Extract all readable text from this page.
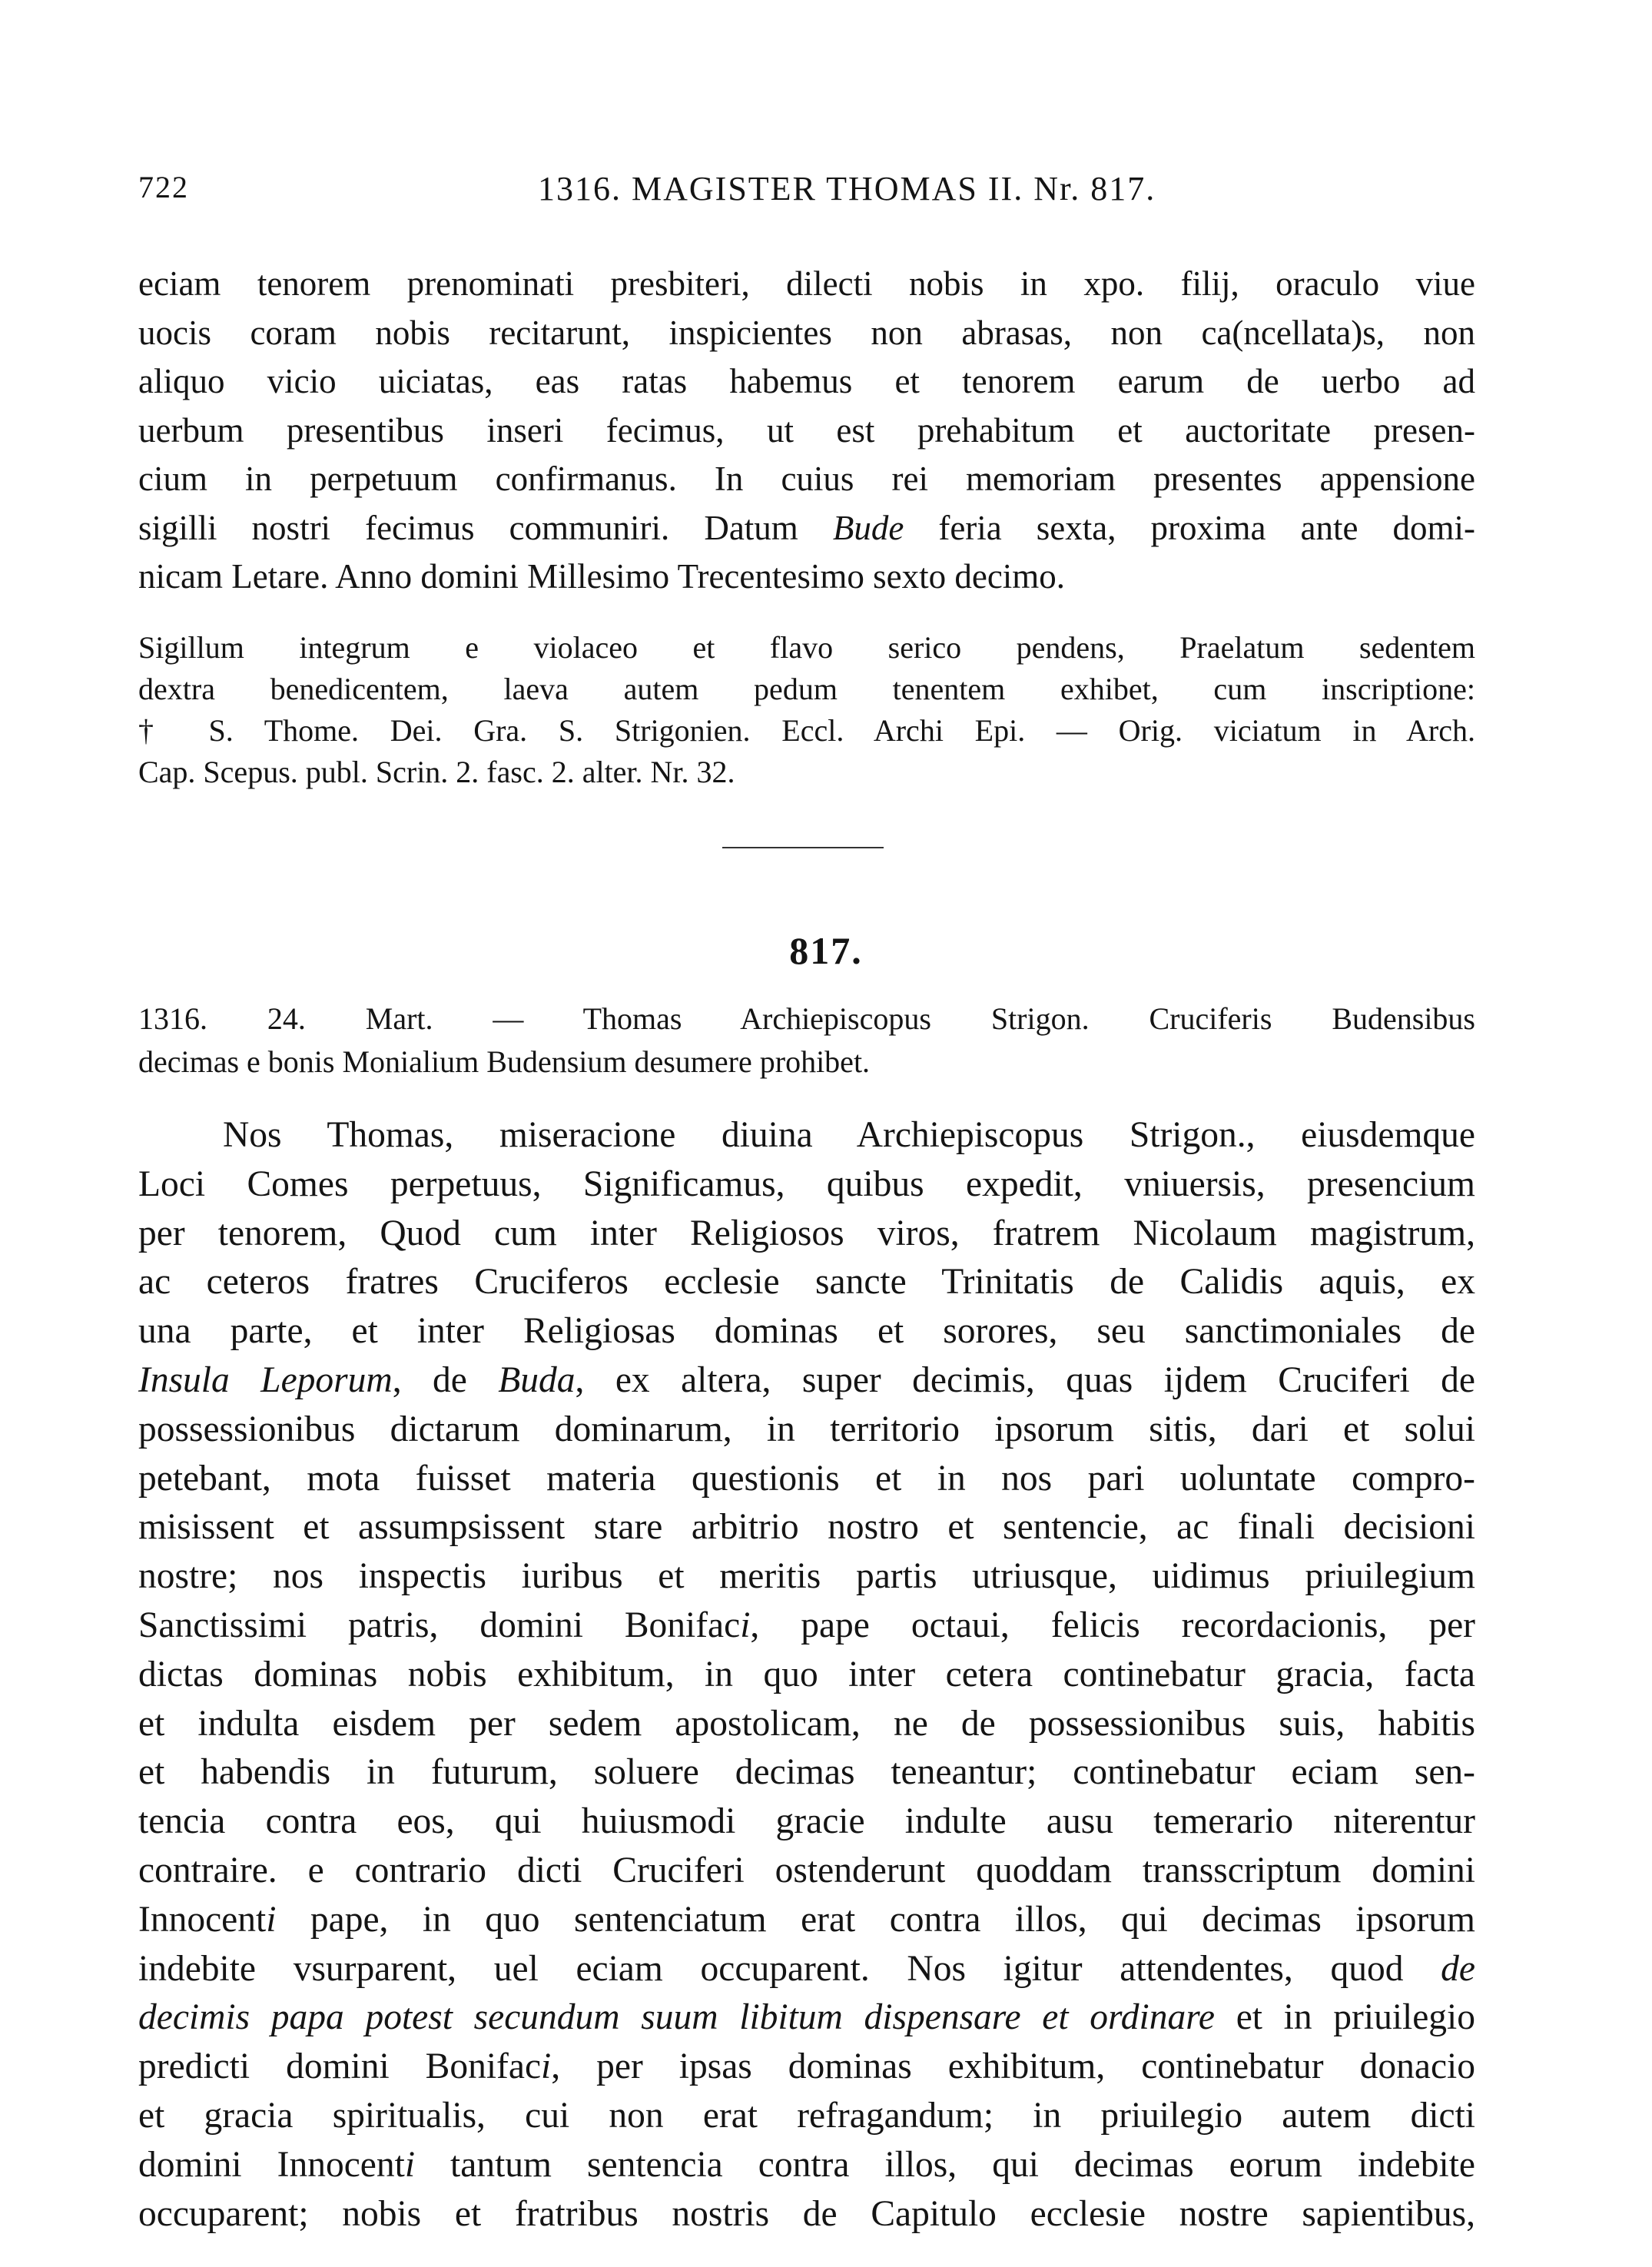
722	1316. MAGISTER THOMAS II. Nr. 817.
eciam tenorem prenominati presbiteri, dilecti nobis in xpo. filij, oraculo viue
uocis coram nobis recitarunt, inspicientes non abrasas, non ca(ncellata)s, non
aliquo vicio uiciatas, eas ratas habemus et tenorem earum de uerbo ad
uerbum presentibus inseri fecimus, ut est prehabitum et auctoritate presen-
cium in perpetuum confirmanus. In cuius rei memoriam presentes appensione
sigilli nostri fecimus communiri. Datum Bude feria sexta, proxima ante domi-
nicam Letare. Anno domini Millesimo Trecentesimo sexto decimo.
Sigillum integrum e violaceo et flavo serico pendens, Praelatum sedentem
dextra benedicentem, laeva autem pedum tenentem exhibet, cum inscriptione:
† S. Thome. Dei. Gra. S. Strigonien. Eccl. Archi Epi. — Orig. viciatum in Arch.
Cap. Scepus. publ. Scrin. 2. fasc. 2. alter. Nr. 32.
817.
1316. 24. Mart. — Thomas Archiepiscopus Strigon. Cruciferis Budensibus
decimas e bonis Monialium Budensium desumere prohibet.
Nos Thomas, miseracione diuina Archiepiscopus Strigon., eiusdemque
Loci Comes perpetuus, Significamus, quibus expedit, vniuersis, presencium
per tenorem, Quod cum inter Religiosos viros, fratrem Nicolaum magistrum,
ac ceteros fratres Cruciferos ecclesie sancte Trinitatis de Calidis aquis, ex
una parte, et inter Religiosas dominas et sorores, seu sanctimoniales de
Insula Leporum, de Buda, ex altera, super decimis, quas ijdem Cruciferi de
possessionibus dictarum dominarum, in territorio ipsorum sitis, dari et solui
petebant, mota fuisset materia questionis et in nos pari uoluntate compro-
misissent et assumpsissent stare arbitrio nostro et sentencie, ac finali decisioni
nostre; nos inspectis iuribus et meritis partis utriusque, uidimus priuilegium
Sanctissimi patris, domini Bonifaci, pape octaui, felicis recordacionis, per
dictas dominas nobis exhibitum, in quo inter cetera continebatur gracia, facta
et indulta eisdem per sedem apostolicam, ne de possessionibus suis, habitis
et habendis in futurum, soluere decimas teneantur; continebatur eciam sen-
tencia contra eos, qui huiusmodi gracie indulte ausu temerario niterentur
contraire. e contrario dicti Cruciferi ostenderunt quoddam transscriptum domini
Innocenti pape, in quo sentenciatum erat contra illos, qui decimas ipsorum
indebite vsurparent, uel eciam occuparent. Nos igitur attendentes, quod de
decimis papa potest secundum suum libitum dispensare et ordinare et in priuilegio
predicti domini Bonifaci, per ipsas dominas exhibitum, continebatur donacio
et gracia spiritualis, cui non erat refragandum; in priuilegio autem dicti
domini Innocenti tantum sentencia contra illos, qui decimas eorum indebite
occuparent; nobis et fratribus nostris de Capitulo ecclesie nostre sapientibus,
